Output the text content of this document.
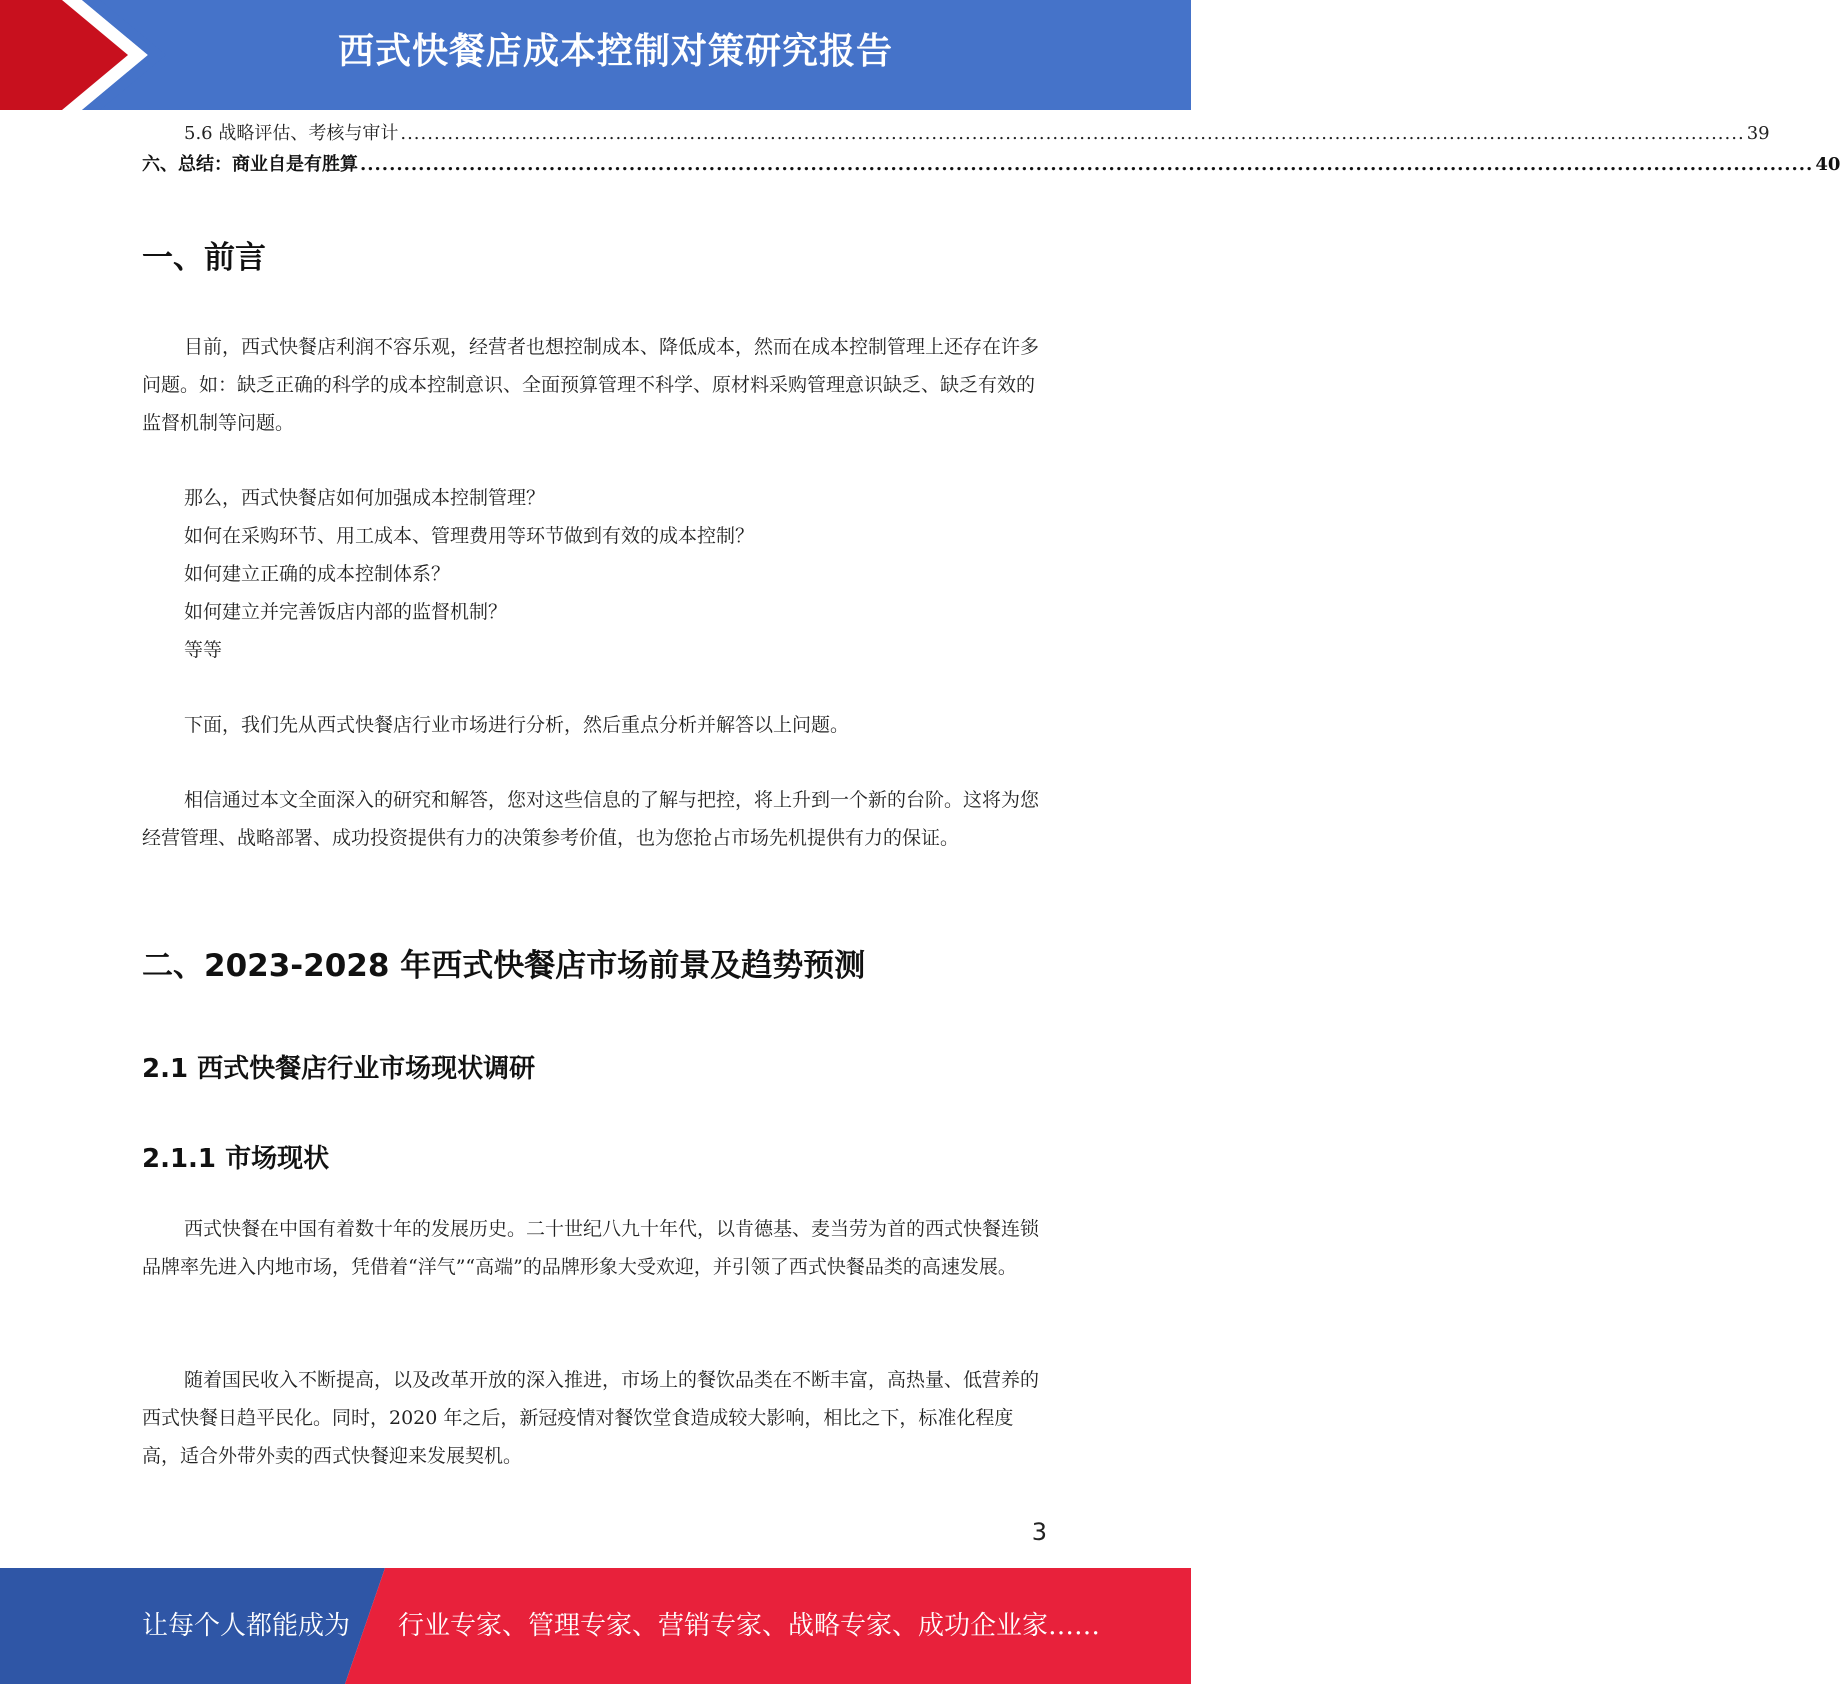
西式快餐店成本控制对策研究报告
5.6 战略评估、考核与审计 ........................................................................................................................................................................................................ 39
六、总结：商业自是有胜算 ........................................................................................................................................................................................................ 40
一、前言

目前，西式快餐店利润不容乐观，经营者也想控制成本、降低成本，然而在成本控制管理上还存在许多问题。如：缺乏正确的科学的成本控制意识、全面预算管理不科学、原材料采购管理意识缺乏、缺乏有效的监督机制等问题。

那么，西式快餐店如何加强成本控制管理？
如何在采购环节、用工成本、管理费用等环节做到有效的成本控制？
如何建立正确的成本控制体系？
如何建立并完善饭店内部的监督机制？
等等

下面，我们先从西式快餐店行业市场进行分析，然后重点分析并解答以上问题。

相信通过本文全面深入的研究和解答，您对这些信息的了解与把控，将上升到一个新的台阶。这将为您经营管理、战略部署、成功投资提供有力的决策参考价值，也为您抢占市场先机提供有力的保证。

二、2023-2028 年西式快餐店市场前景及趋势预测
2.1 西式快餐店行业市场现状调研
2.1.1 市场现状

西式快餐在中国有着数十年的发展历史。二十世纪八九十年代，以肯德基、麦当劳为首的西式快餐连锁品牌率先进入内地市场，凭借着“洋气”“高端”的品牌形象大受欢迎，并引领了西式快餐品类的高速发展。

随着国民收入不断提高，以及改革开放的深入推进，市场上的餐饮品类在不断丰富，高热量、低营养的西式快餐日趋平民化。同时，2020 年之后，新冠疫情对餐饮堂食造成较大影响，相比之下，标准化程度高，适合外带外卖的西式快餐迎来发展契机。

3
让每个人都能成为 行业专家、管理专家、营销专家、战略专家、成功企业家……
